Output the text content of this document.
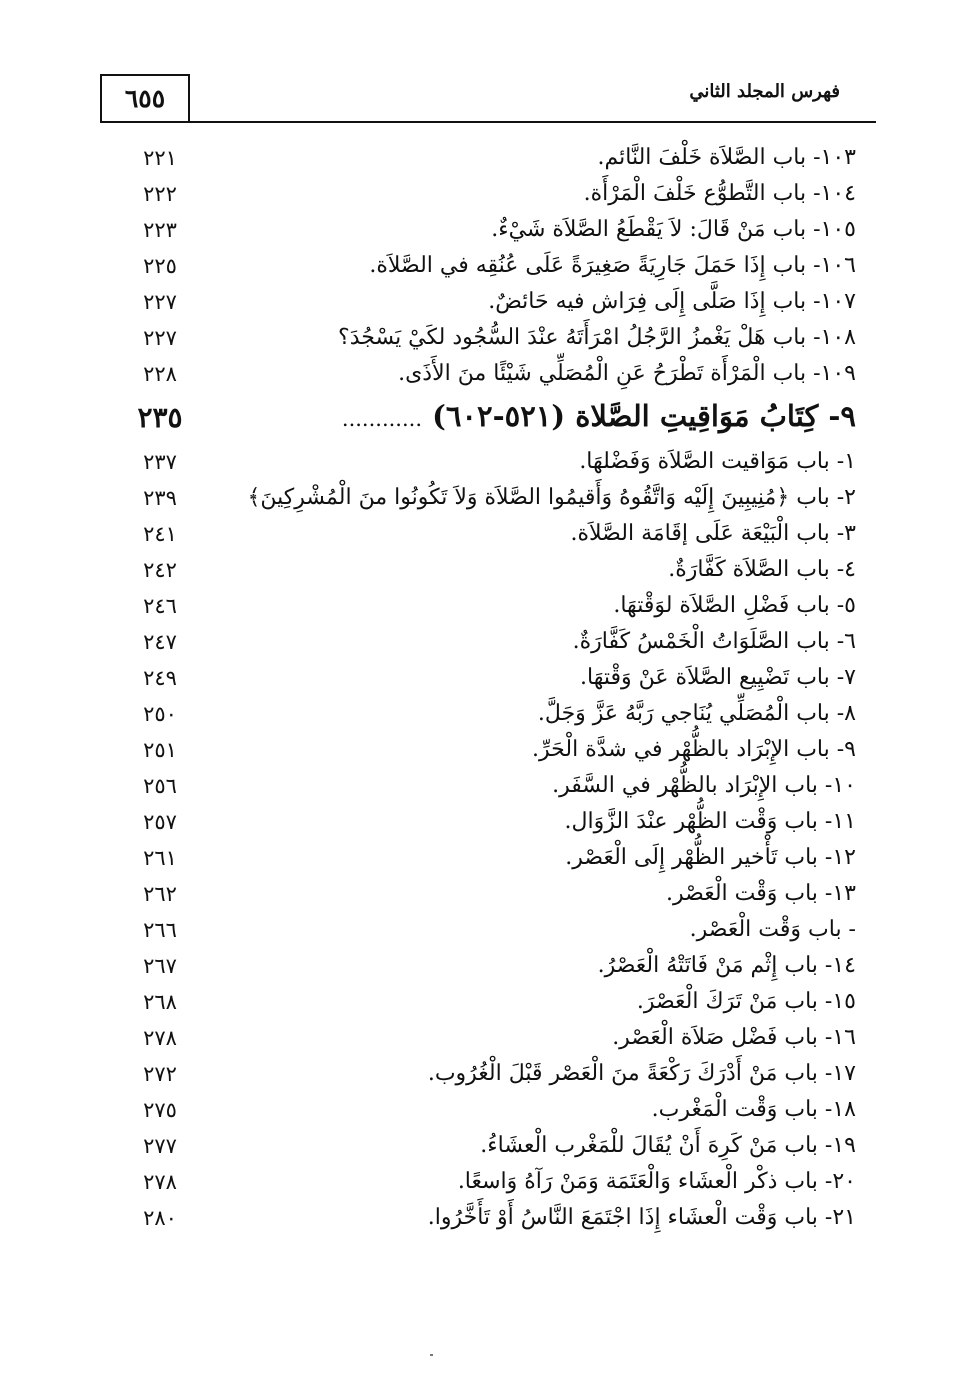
٦٥٥	فهرس المجلد الثاني
١٠٣- باب الصَّلاَة خَلْفَ النَّائم.
٢٢١
١٠٤- باب التَّطوُّع خَلْفَ الْمَرْأَة.
٢٢٢
١٠٥- باب مَنْ قَالَ: لاَ يَقْطَعُ الصَّلاَة شَيْءٌ.
٢٢٣
١٠٦- باب إِذَا حَمَلَ جَارِيَةً صَغِيرَةً عَلَى عُنُقِه في الصَّلاَة.
٢٢٥
١٠٧- باب إِذَا صَلَّى إِلَى فِرَاش فيه حَائضٌ.
٢٢٧
١٠٨- باب هَلْ يَغْمزُ الرَّجُلُ امْرَأَتَهُ عنْدَ السُّجُود لكَيْ يَسْجُدَ؟
٢٢٧
١٠٩- باب الْمَرْأَة تَطْرَحُ عَنِ الْمُصَلِّي شَيْئًا منَ الأَذَى.
٢٢٨
٩- كِتَابُ مَوَاقِيتِ الصَّلاة (٥٢١-٦٠٢) ............
٢٣٥
١- باب مَوَاقيت الصَّلاَة وَفَضْلهَا.
٢٣٧
٢- باب ﴿مُنِيبِينَ إِلَيْه وَاتَّقُوهُ وَأَقيمُوا الصَّلاَة وَلاَ تَكُونُوا منَ الْمُشْرِكِينَ﴾
٢٣٩
٣- باب الْبَيْعَة عَلَى إقَامَة الصَّلاَة.
٢٤١
٤- باب الصَّلاَة كَفَّارَةٌ.
٢٤٢
٥- باب فَضْلِ الصَّلاَة لوَقْتهَا.
٢٤٦
٦- باب الصَّلَوَاتُ الْخَمْسُ كَفَّارَةٌ.
٢٤٧
٧- باب تَضْيِيع الصَّلاَة عَنْ وَقْتهَا.
٢٤٩
٨- باب الْمُصَلِّي يُنَاجي رَبَّهُ عَزَّ وَجَلَّ.
٢٥٠
٩- باب الإِبْرَاد بالظُّهْر في شدَّة الْحَرِّ.
٢٥١
١٠- باب الإِبْرَاد بالظُّهْر في السَّفَر.
٢٥٦
١١- باب وَقْت الظُّهْر عنْدَ الزَّوَال.
٢٥٧
١٢- باب تَأْخير الظُّهْر إِلَى الْعَصْر.
٢٦١
١٣- باب وَقْت الْعَصْر.
٢٦٢
- باب وَقْت الْعَصْر.
٢٦٦
١٤- باب إِثْم مَنْ فَاتَتْهُ الْعَصْرُ.
٢٦٧
١٥- باب مَنْ تَرَكَ الْعَصْرَ.
٢٦٨
١٦- باب فَضْل صَلاَة الْعَصْر.
٢٧٨
١٧- باب مَنْ أَدْرَكَ رَكْعَةً منَ الْعَصْر قَبْلَ الْغُرُوب.
٢٧٢
١٨- باب وَقْت الْمَغْرب.
٢٧٥
١٩- باب مَنْ كَرِهَ أَنْ يُقَالَ للْمَغْرب الْعشَاءُ.
٢٧٧
٢٠- باب ذكْر الْعشَاء وَالْعَتَمَة وَمَنْ رَآهُ وَاسعًا.
٢٧٨
٢١- باب وَقْت الْعشَاء إِذَا اجْتَمَعَ النَّاسُ أَوْ تَأَخَّرُوا.
٢٨٠
